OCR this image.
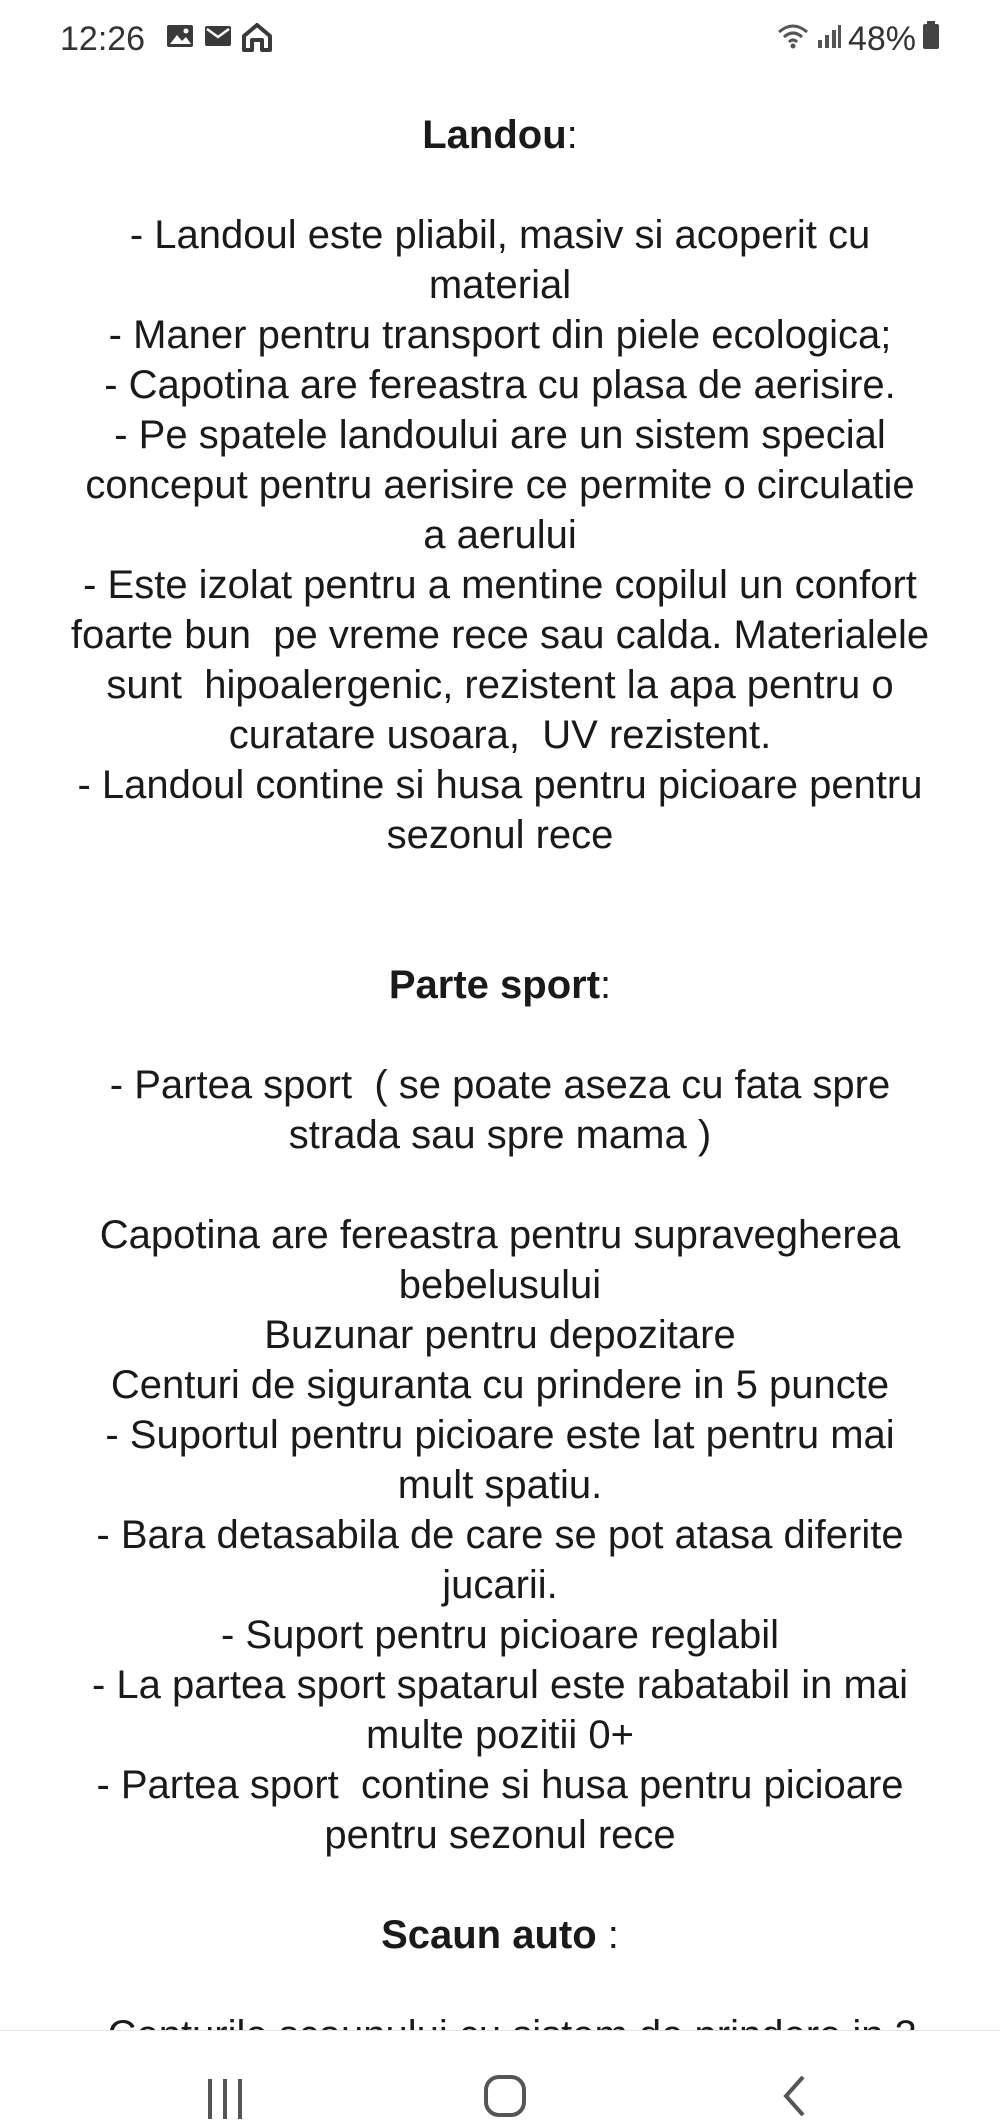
12:26	48%
Landou:
- Landoul este pliabil, masiv si acoperit cu
material
- Maner pentru transport din piele ecologica;
- Capotina are fereastra cu plasa de aerisire.
- Pe spatele landoului are un sistem special
conceput pentru aerisire ce permite o circulatie
a aerului
- Este izolat pentru a mentine copilul un confort
foarte bun  pe vreme rece sau calda. Materialele
sunt  hipoalergenic, rezistent la apa pentru o
curatare usoara,  UV rezistent.
- Landoul contine si husa pentru picioare pentru
sezonul rece
Parte sport:
- Partea sport  ( se poate aseza cu fata spre
strada sau spre mama )
Capotina are fereastra pentru supravegherea
bebelusului
Buzunar pentru depozitare
Centuri de siguranta cu prindere in 5 puncte
- Suportul pentru picioare este lat pentru mai
mult spatiu.
- Bara detasabila de care se pot atasa diferite
jucarii.
- Suport pentru picioare reglabil
- La partea sport spatarul este rabatabil in mai
multe pozitii 0+
- Partea sport  contine si husa pentru picioare
pentru sezonul rece
Scaun auto :
